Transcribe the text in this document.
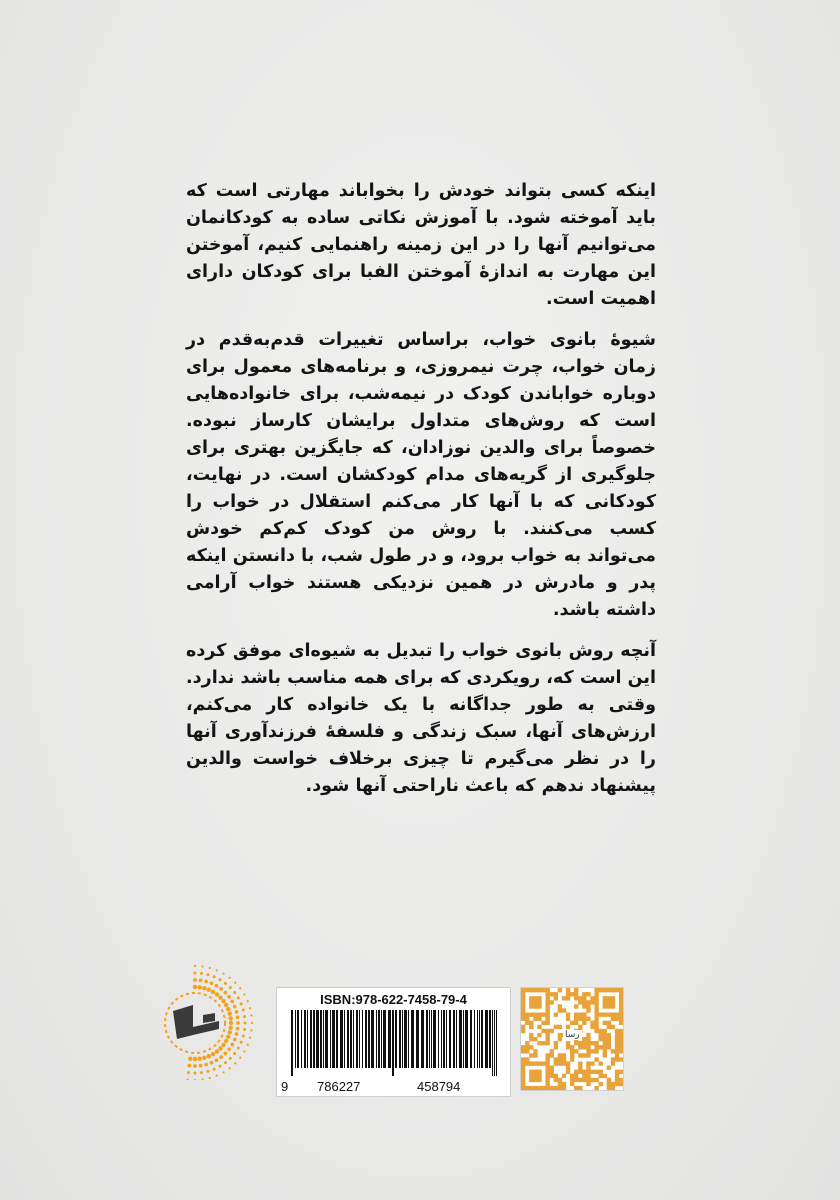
اینکه کسی بتواند خودش را بخواباند مهارتی است که باید آموخته شود. با آموزش نکاتی ساده به کودکانمان می‌توانیم آنها را در این زمینه راهنمایی کنیم، آموختن این مهارت به اندازهٔ آموختن الفبا برای کودکان دارای اهمیت است.

شیوهٔ بانوی خواب، براساس تغییرات قدم‌به‌قدم در زمان خواب، چرت نیمروزی، و برنامه‌های معمول برای دوباره خواباندن کودک در نیمه‌شب، برای خانواده‌هایی است که روش‌های متداول برایشان کارساز نبوده. خصوصاً برای والدین نوزادان، که جایگزین بهتری برای جلوگیری از گریه‌های مدام کودکشان است. در نهایت، کودکانی که با آنها کار می‌کنم استقلال در خواب را کسب می‌کنند. با روش من کودک کم‌کم خودش می‌تواند به خواب برود، و در طول شب، با دانستن اینکه پدر و مادرش در همین نزدیکی هستند خواب آرامی داشته باشد.

آنچه روش بانوی خواب را تبدیل به شیوه‌ای موفق کرده این است که، رویکردی که برای همه مناسب باشد ندارد. وقتی به طور جداگانه با یک خانواده کار می‌کنم، ارزش‌های آنها، سبک زندگی و فلسفهٔ فرزندآوری آنها را در نظر می‌گیرم تا چیزی برخلاف خواست والدین پیشنهاد ندهم که باعث ناراحتی آنها شود.

ISBN:978-622-7458-79-4
9 786227	458794
رسا
